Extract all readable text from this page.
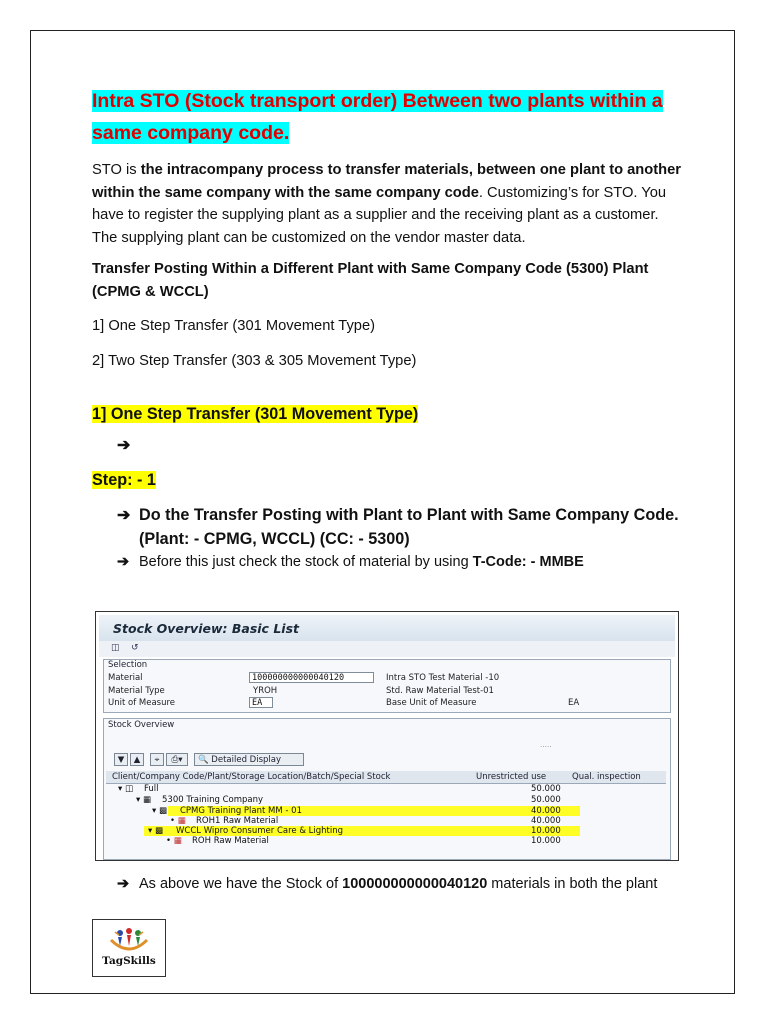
Intra STO (Stock transport order) Between two plants within a same company code.

STO is the intracompany process to transfer materials, between one plant to another within the same company with the same company code. Customizing’s for STO. You have to register the supplying plant as a supplier and the receiving plant as a customer. The supplying plant can be customized on the vendor master data.

Transfer Posting Within a Different Plant with Same Company Code (5300) Plant (CPMG & WCCL)

1] One Step Transfer (301 Movement Type)

2] Two Step Transfer (303 & 305 Movement Type)

1] One Step Transfer (301 Movement Type)

➔

Step: - 1

➔ Do the Transfer Posting with Plant to Plant with Same Company Code. (Plant: - CPMG, WCCL) (CC: - 5300)
➔ Before this just check the stock of material by using T-Code: - MMBE
Stock Overview: Basic List
◫ ↺
Selection
Material	100000000000040120	Intra STO Test Material -10
Material Type	YROH	Std. Raw Material Test-01
Unit of Measure	EA	Base Unit of Measure	EA
Stock Overview
․․․․․
▼	▲	⌖	⎙▾	🔍 Detailed Display
Client/Company Code/Plant/Storage Location/Batch/Special Stock	Unrestricted use	Qual. inspection
▾ ◫ Full	50.000
▾ ▦ 5300 Training Company	50.000
▾ ▩ CPMG Training Plant MM - 01	40.000
• ▦ ROH1 Raw Material	40.000
▾ ▩ WCCL Wipro Consumer Care & Lighting	10.000
• ▦ ROH Raw Material	10.000
➔ As above we have the Stock of 100000000000040120 materials in both the plant
TagSkills
